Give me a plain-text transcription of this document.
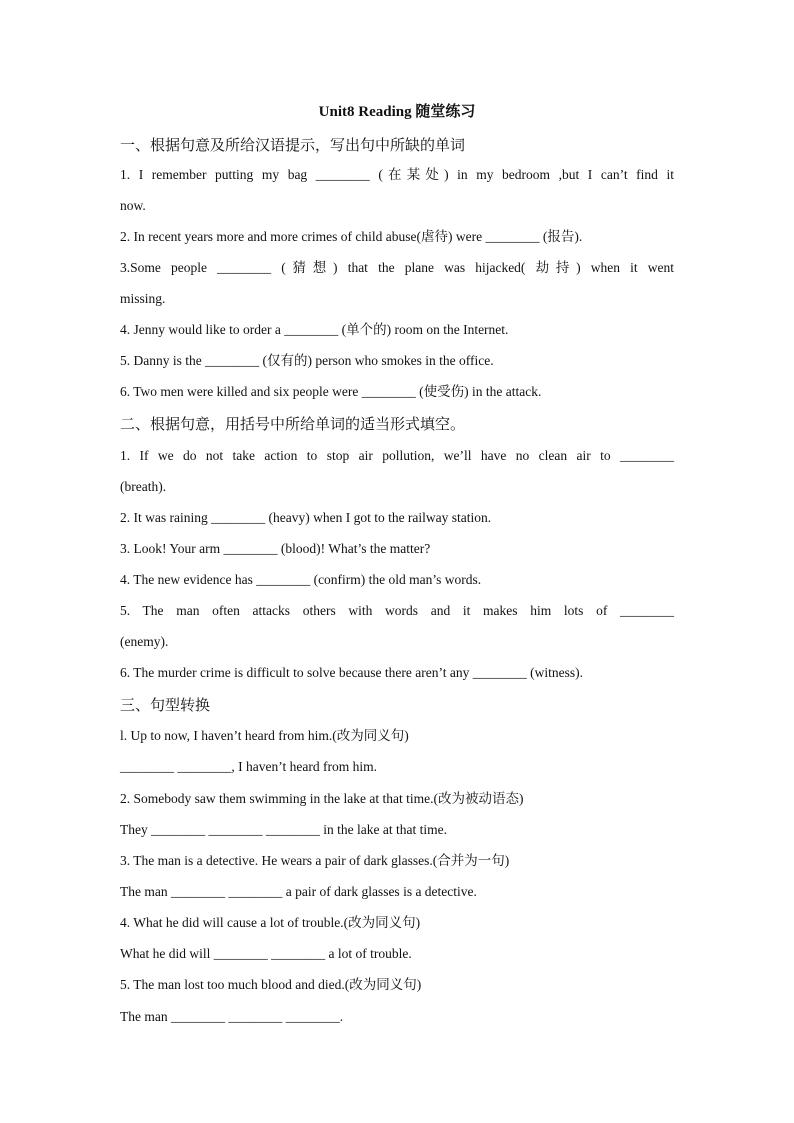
Unit8 Reading 随堂练习
一、根据句意及所给汉语提示，写出句中所缺的单词
1. I remember putting my bag ________ (在某处) in my bedroom ,but I can’t find it
now.
2. In recent years more and more crimes of child abuse(虐待) were ________ (报告).
3.Some people ________ (猜想) that the plane was hijacked( 劫持) when it went
missing.
4. Jenny would like to order a ________ (单个的) room on the Internet.
5. Danny is the ________ (仅有的) person who smokes in the office.
6. Two men were killed and six people were ________ (使受伤) in the attack.
二、根据句意，用括号中所给单词的适当形式填空。
1. If we do not take action to stop air pollution, we’ll have no clean air to ________
(breath).
2. It was raining ________ (heavy) when I got to the railway station.
3. Look! Your arm ________ (blood)! What’s the matter?
4. The new evidence has ________ (confirm) the old man’s words.
5. The man often attacks others with words and it makes him lots of ________
(enemy).
6. The murder crime is difficult to solve because there aren’t any ________ (witness).
三、句型转换
l. Up to now, I haven’t heard from him.(改为同义句)
________ ________, I haven’t heard from him.
2. Somebody saw them swimming in the lake at that time.(改为被动语态)
They ________ ________ ________ in the lake at that time.
3. The man is a detective. He wears a pair of dark glasses.(合并为一句)
The man ________ ________ a pair of dark glasses is a detective.
4. What he did will cause a lot of trouble.(改为同义句)
What he did will ________ ________ a lot of trouble.
5. The man lost too much blood and died.(改为同义句)
The man ________ ________ ________.
